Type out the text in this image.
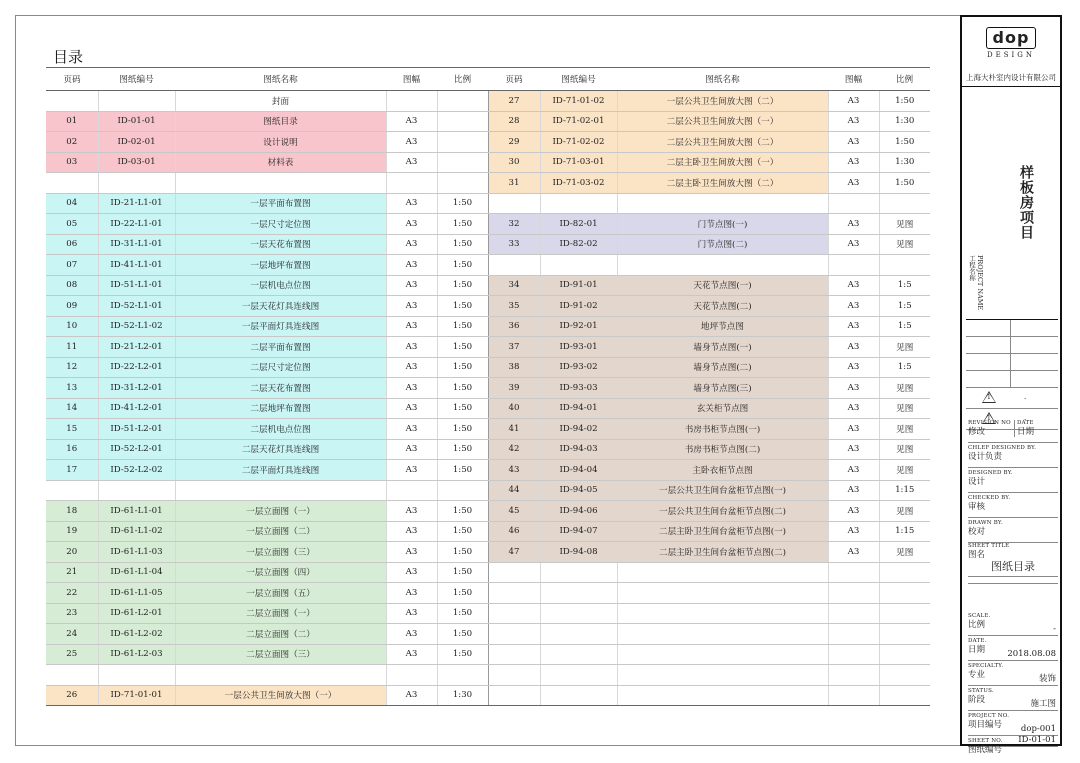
目录
页码	图纸编号	图纸名称	图幅	比例	页码	图纸编号	图纸名称	图幅	比例
		封面			27	ID-71-01-02	一层公共卫生间放大图（二）	A3	1:50
01	ID-01-01	图纸目录	A3		28	ID-71-02-01	二层公共卫生间放大图（一）	A3	1:30
02	ID-02-01	设计说明	A3		29	ID-71-02-02	二层公共卫生间放大图（二）	A3	1:50
03	ID-03-01	材料表	A3		30	ID-71-03-01	二层主卧卫生间放大图（一）	A3	1:30
					31	ID-71-03-02	二层主卧卫生间放大图（二）	A3	1:50
04	ID-21-L1-01	一层平面布置图	A3	1:50					
05	ID-22-L1-01	一层尺寸定位图	A3	1:50	32	ID-82-01	门节点图(一)	A3	见图
06	ID-31-L1-01	一层天花布置图	A3	1:50	33	ID-82-02	门节点图(二)	A3	见图
07	ID-41-L1-01	一层地坪布置图	A3	1:50					
08	ID-51-L1-01	一层机电点位图	A3	1:50	34	ID-91-01	天花节点图(一)	A3	1:5
09	ID-52-L1-01	一层天花灯具连线图	A3	1:50	35	ID-91-02	天花节点图(二)	A3	1:5
10	ID-52-L1-02	一层平面灯具连线图	A3	1:50	36	ID-92-01	地坪节点图	A3	1:5
11	ID-21-L2-01	二层平面布置图	A3	1:50	37	ID-93-01	墙身节点图(一)	A3	见图
12	ID-22-L2-01	二层尺寸定位图	A3	1:50	38	ID-93-02	墙身节点图(二)	A3	1:5
13	ID-31-L2-01	二层天花布置图	A3	1:50	39	ID-93-03	墙身节点图(三)	A3	见图
14	ID-41-L2-01	二层地坪布置图	A3	1:50	40	ID-94-01	玄关柜节点图	A3	见图
15	ID-51-L2-01	二层机电点位图	A3	1:50	41	ID-94-02	书房书柜节点图(一)	A3	见图
16	ID-52-L2-01	二层天花灯具连线图	A3	1:50	42	ID-94-03	书房书柜节点图(二)	A3	见图
17	ID-52-L2-02	二层平面灯具连线图	A3	1:50	43	ID-94-04	主卧衣柜节点图	A3	见图
					44	ID-94-05	一层公共卫生间台盆柜节点图(一)	A3	1:15
18	ID-61-L1-01	一层立面图（一）	A3	1:50	45	ID-94-06	一层公共卫生间台盆柜节点图(二)	A3	见图
19	ID-61-L1-02	一层立面图（二）	A3	1:50	46	ID-94-07	二层主卧卫生间台盆柜节点图(一)	A3	1:15
20	ID-61-L1-03	一层立面图（三）	A3	1:50	47	ID-94-08	二层主卧卫生间台盆柜节点图(二)	A3	见图
21	ID-61-L1-04	一层立面图（四）	A3	1:50					
22	ID-61-L1-05	一层立面图（五）	A3	1:50					
23	ID-61-L2-01	二层立面图（一）	A3	1:50					
24	ID-61-L2-02	二层立面图（二）	A3	1:50					
25	ID-61-L2-03	二层立面图（三）	A3	1:50					

26	ID-71-01-01	一层公共卫生间放大图（一）	A3	1:30					
dop
DESIGN
上海大朴室内设计有限公司
样板房项目
PROJECT NAME
工程名称
1	.
1	.
REVISION NO
修改
DATE
日期
CHLEF DESIGNED BY.
设计负责
DESIGNED BY.
设计
CHECKED BY.
审核
DRAWN BY.
校对
SHEET TITLE
图名
SCALE.
比例	-
DATE.
日期	2018.08.08
SPECIALTY.
专业	装饰
STATUS.
阶段	施工图
PROJECT NO.
项目编号	dop-001
SHEET NO.
图纸编号
ID-01-01
图纸目录
